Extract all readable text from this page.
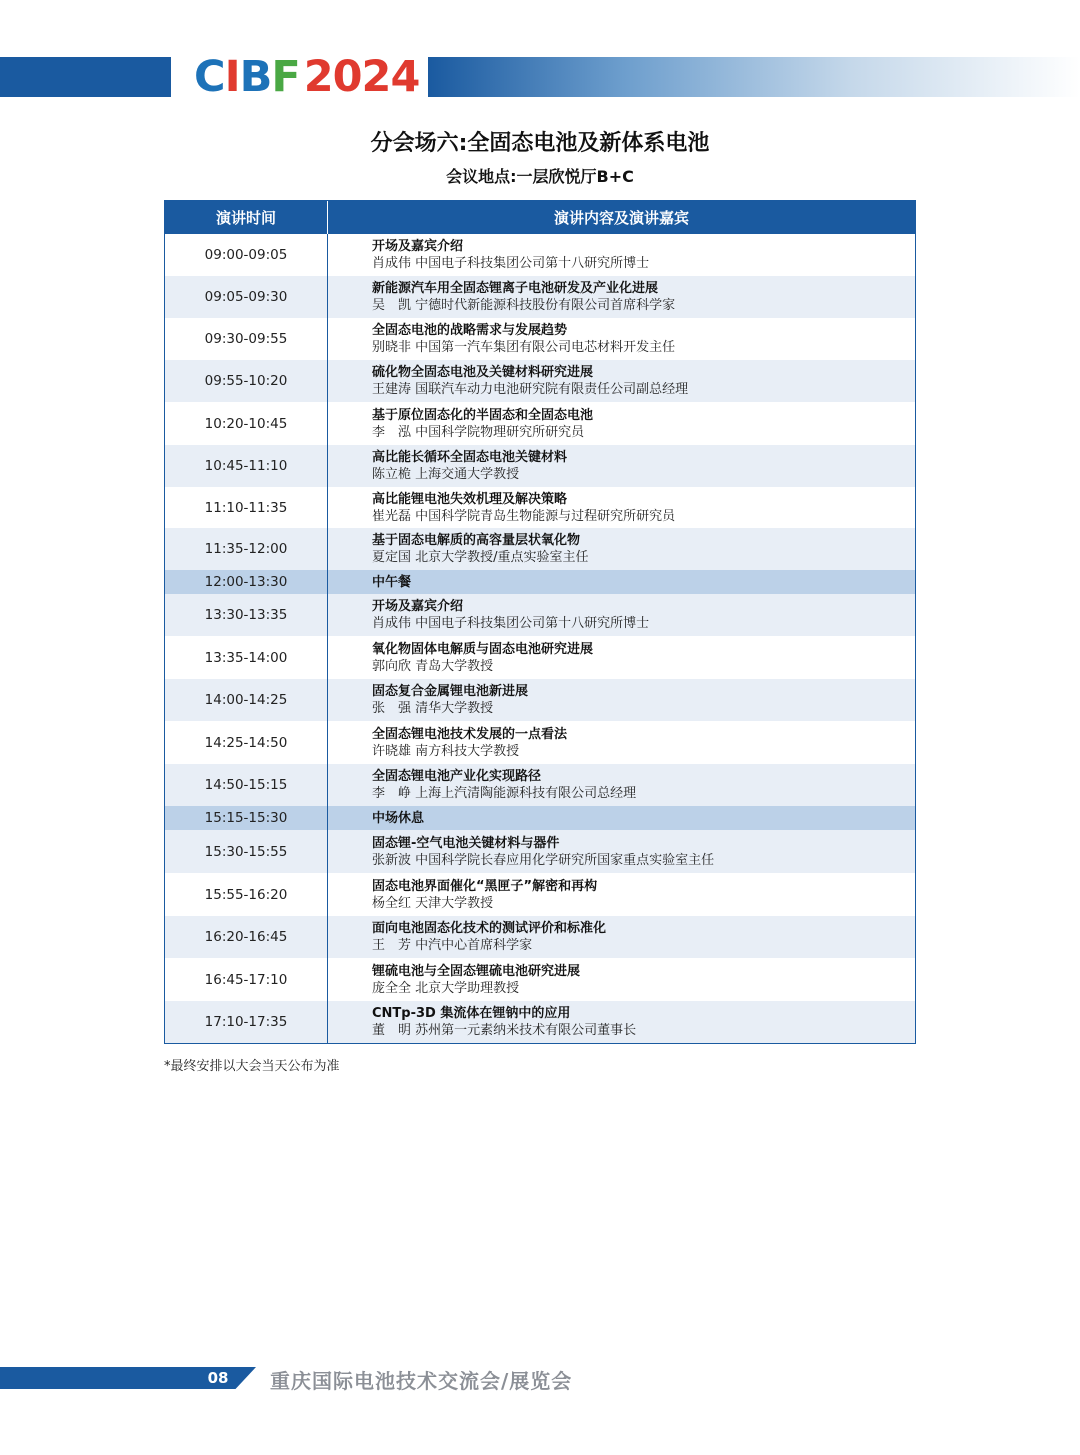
CIBF2024
分会场六:全固态电池及新体系电池
会议地点:一层欣悦厅B+C
演讲时间	演讲内容及演讲嘉宾
09:00-09:05
开场及嘉宾介绍
肖成伟 中国电子科技集团公司第十八研究所博士
09:05-09:30
新能源汽车用全固态锂离子电池研发及产业化进展
吴　凯 宁德时代新能源科技股份有限公司首席科学家
09:30-09:55
全固态电池的战略需求与发展趋势
别晓非 中国第一汽车集团有限公司电芯材料开发主任
09:55-10:20
硫化物全固态电池及关键材料研究进展
王建涛 国联汽车动力电池研究院有限责任公司副总经理
10:20-10:45
基于原位固态化的半固态和全固态电池
李　泓 中国科学院物理研究所研究员
10:45-11:10
高比能长循环全固态电池关键材料
陈立桅 上海交通大学教授
11:10-11:35
高比能锂电池失效机理及解决策略
崔光磊 中国科学院青岛生物能源与过程研究所研究员
11:35-12:00
基于固态电解质的高容量层状氧化物
夏定国 北京大学教授/重点实验室主任
12:00-13:30	中午餐
13:30-13:35
开场及嘉宾介绍
肖成伟 中国电子科技集团公司第十八研究所博士
13:35-14:00
氧化物固体电解质与固态电池研究进展
郭向欣 青岛大学教授
14:00-14:25
固态复合金属锂电池新进展
张　强 清华大学教授
14:25-14:50
全固态锂电池技术发展的一点看法
许晓雄 南方科技大学教授
14:50-15:15
全固态锂电池产业化实现路径
李　峥 上海上汽清陶能源科技有限公司总经理
15:15-15:30	中场休息
15:30-15:55
固态锂-空气电池关键材料与器件
张新波 中国科学院长春应用化学研究所国家重点实验室主任
15:55-16:20
固态电池界面催化“黑匣子”解密和再构
杨全红 天津大学教授
16:20-16:45
面向电池固态化技术的测试评价和标准化
王　芳 中汽中心首席科学家
16:45-17:10
锂硫电池与全固态锂硫电池研究进展
庞全全 北京大学助理教授
17:10-17:35
CNTp-3D 集流体在锂钠中的应用
董　明 苏州第一元素纳米技术有限公司董事长
*最终安排以大会当天公布为准
08	重庆国际电池技术交流会/展览会
